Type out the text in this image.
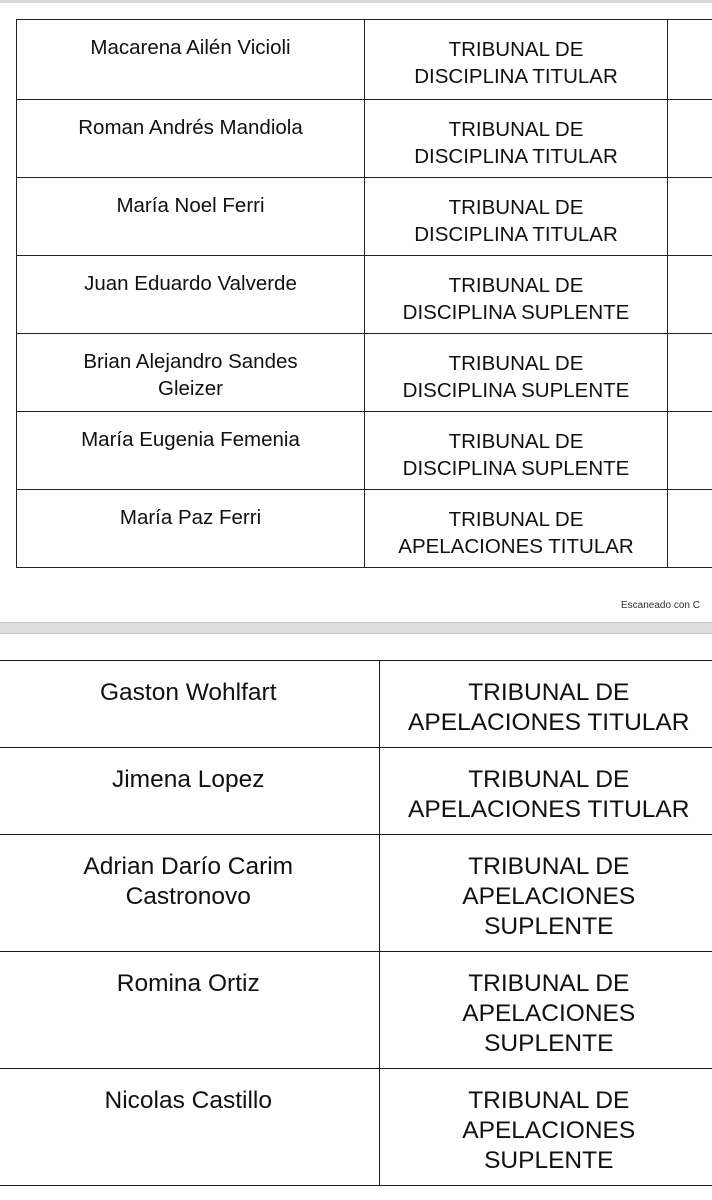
Macarena Ailén Vicioli	TRIBUNAL DE
DISCIPLINA TITULAR	
Roman Andrés Mandiola	TRIBUNAL DE
DISCIPLINA TITULAR	
María Noel Ferri	TRIBUNAL DE
DISCIPLINA TITULAR	
Juan Eduardo Valverde	TRIBUNAL DE
DISCIPLINA SUPLENTE	
Brian Alejandro Sandes
Gleizer	TRIBUNAL DE
DISCIPLINA SUPLENTE	
María Eugenia Femenia	TRIBUNAL DE
DISCIPLINA SUPLENTE	
María Paz Ferri	TRIBUNAL DE
APELACIONES TITULAR	
Escaneado con C
Gaston Wohlfart	TRIBUNAL DE
APELACIONES TITULAR
Jimena Lopez	TRIBUNAL DE
APELACIONES TITULAR
Adrian Darío Carim
Castronovo	TRIBUNAL DE
APELACIONES
SUPLENTE
Romina Ortiz	TRIBUNAL DE
APELACIONES
SUPLENTE
Nicolas Castillo	TRIBUNAL DE
APELACIONES
SUPLENTE
